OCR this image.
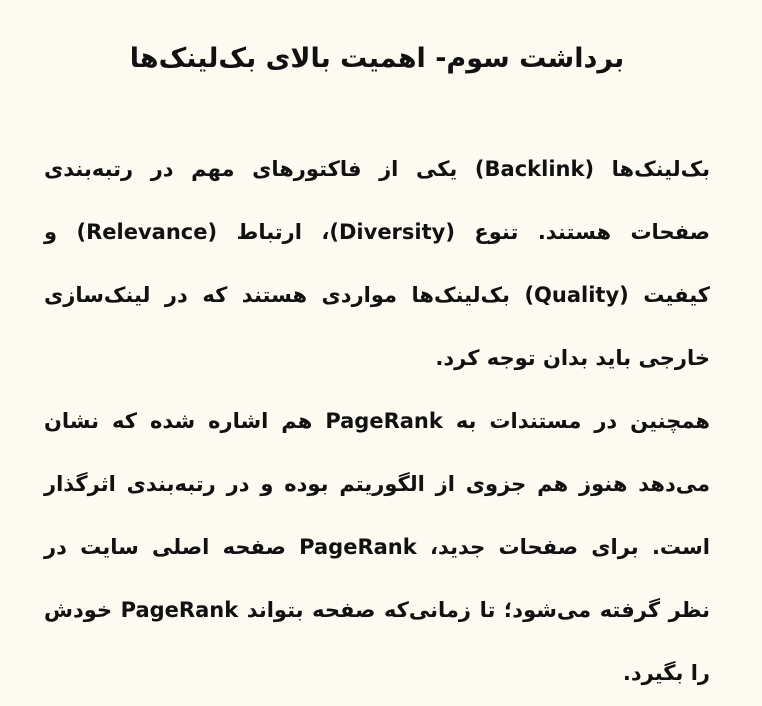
برداشت سوم- اهمیت بالای بک‌لینک‌ها

بک‌لینک‌ها (Backlink) یکی از فاکتورهای مهم در رتبه‌بندی صفحات هستند. تنوع (Diversity)، ارتباط (Relevance) و کیفیت (Quality) بک‌لینک‌ها مواردی هستند که در لینک‌سازی خارجی باید بدان توجه کرد.

همچنین در مستندات به PageRank هم اشاره شده که نشان می‌دهد هنوز هم جزوی از الگوریتم بوده و در رتبه‌بندی اثرگذار است. برای صفحات جدید، PageRank صفحه اصلی سایت در نظر گرفته می‌شود؛ تا زمانی‌که صفحه بتواند PageRank خودش را بگیرد.
